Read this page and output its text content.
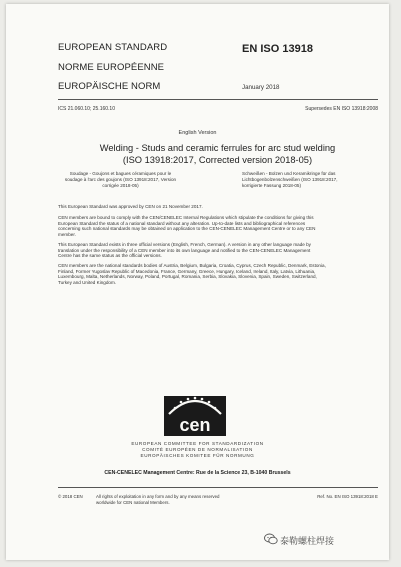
EUROPEAN STANDARD
NORME EUROPÉENNE
EUROPÄISCHE NORM
EN ISO 13918
January 2018
ICS 21.060.10; 25.160.10	Supersedes EN ISO 13918:2008
English Version
Welding - Studs and ceramic ferrules for arc stud welding
(ISO 13918:2017, Corrected version 2018-05)
Soudage - Goujons et bagues céramiques pour le
soudage à l'arc des goujons (ISO 13918:2017, Version
corrigée 2018-05)
Schweißen - Bolzen und Keramikringe für das
Lichtbogenbolzenschweißen (ISO 13918:2017,
korrigierte Fassung 2018-05)

This European Standard was approved by CEN on 21 November 2017.

CEN members are bound to comply with the CEN/CENELEC Internal Regulations which stipulate the conditions for giving this
European Standard the status of a national standard without any alteration. Up-to-date lists and bibliographical references
concerning such national standards may be obtained on application to the CEN-CENELEC Management Centre or to any CEN
member.
This European Standard exists in three official versions (English, French, German). A version in any other language made by
translation under the responsibility of a CEN member into its own language and notified to the CEN-CENELEC Management
Centre has the same status as the official versions.
CEN members are the national standards bodies of Austria, Belgium, Bulgaria, Croatia, Cyprus, Czech Republic, Denmark, Estonia,
Finland, Former Yugoslav Republic of Macedonia, France, Germany, Greece, Hungary, Iceland, Ireland, Italy, Latvia, Lithuania,
Luxembourg, Malta, Netherlands, Norway, Poland, Portugal, Romania, Serbia, Slovakia, Slovenia, Spain, Sweden, Switzerland,
Turkey and United Kingdom.
cen
EUROPEAN COMMITTEE FOR STANDARDIZATION
COMITÉ EUROPÉEN DE NORMALISATION
EUROPÄISCHES KOMITEE FÜR NORMUNG
CEN-CENELEC Management Centre: Rue de la Science 23, B-1040 Brussels
© 2018 CEN	All rights of exploitation in any form and by any means reserved
worldwide for CEN national Members.
Ref. No. EN ISO 13918:2018 E
泰勒螺柱焊接
